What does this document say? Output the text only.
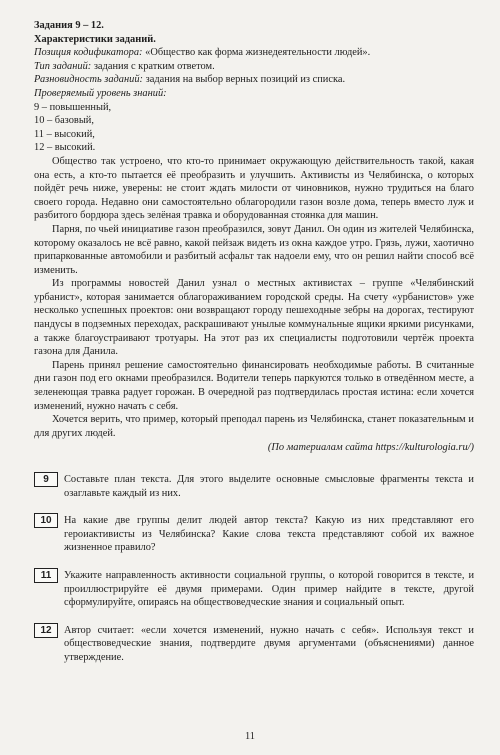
Задания 9 – 12.
Характеристики заданий.
Позиция кодификатора: «Общество как форма жизнедеятельности людей».
Тип заданий: задания с кратким ответом.
Разновидность заданий: задания на выбор верных позиций из списка.
Проверяемый уровень знаний:
9 – повышенный,
10 – базовый,
11 – высокий,
12 – высокий.

Общество так устроено, что кто-то принимает окружающую действительность такой, какая она есть, а кто-то пытается её преобразить и улучшить. Активисты из Челябинска, о которых пойдёт речь ниже, уверены: не стоит ждать милости от чиновников, нужно трудиться на благо своего города. Недавно они самостоятельно облагородили газон возле дома, теперь вместо луж и разбитого бордюра здесь зелёная травка и оборудованная стоянка для машин.

Парня, по чьей инициативе газон преобразился, зовут Данил. Он один из жителей Челябинска, которому оказалось не всё равно, какой пейзаж видеть из окна каждое утро. Грязь, лужи, хаотично припаркованные автомобили и разбитый асфальт так надоели ему, что он решил найти способ всё изменить.

Из программы новостей Данил узнал о местных активистах – группе «Челябинский урбанист», которая занимается облагораживанием городской среды. На счету «урбанистов» уже несколько успешных проектов: они возвращают городу пешеходные зебры на дорогах, тестируют пандусы в подземных переходах, раскрашивают унылые коммунальные ящики яркими рисунками, а также благоустраивают тротуары. На этот раз их специалисты подготовили чертёж проекта газона для Данила.

Парень принял решение самостоятельно финансировать необходимые работы. В считанные дни газон под его окнами преобразился. Водители теперь паркуются только в отведённом месте, а зеленеющая травка радует горожан. В очередной раз подтвердилась простая истина: если хочется изменений, нужно начать с себя.

Хочется верить, что пример, который преподал парень из Челябинска, станет показательным и для других людей.

(По материалам сайта https://kulturologia.ru/)
9	Составьте план текста. Для этого выделите основные смысловые фрагменты текста и озаглавьте каждый из них.

10	На какие две группы делит людей автор текста? Какую из них представляют его героиактивисты из Челябинска? Какие слова текста представляют собой их важное жизненное правило?

11	Укажите направленность активности социальной группы, о которой говорится в тексте, и проиллюстрируйте её двумя примерами. Один пример найдите в тексте, другой сформулируйте, опираясь на обществоведческие знания и социальный опыт.

12	Автор считает: «если хочется изменений, нужно начать с себя». Используя текст и обществоведческие знания, подтвердите двумя аргументами (объяснениями) данное утверждение.

11
